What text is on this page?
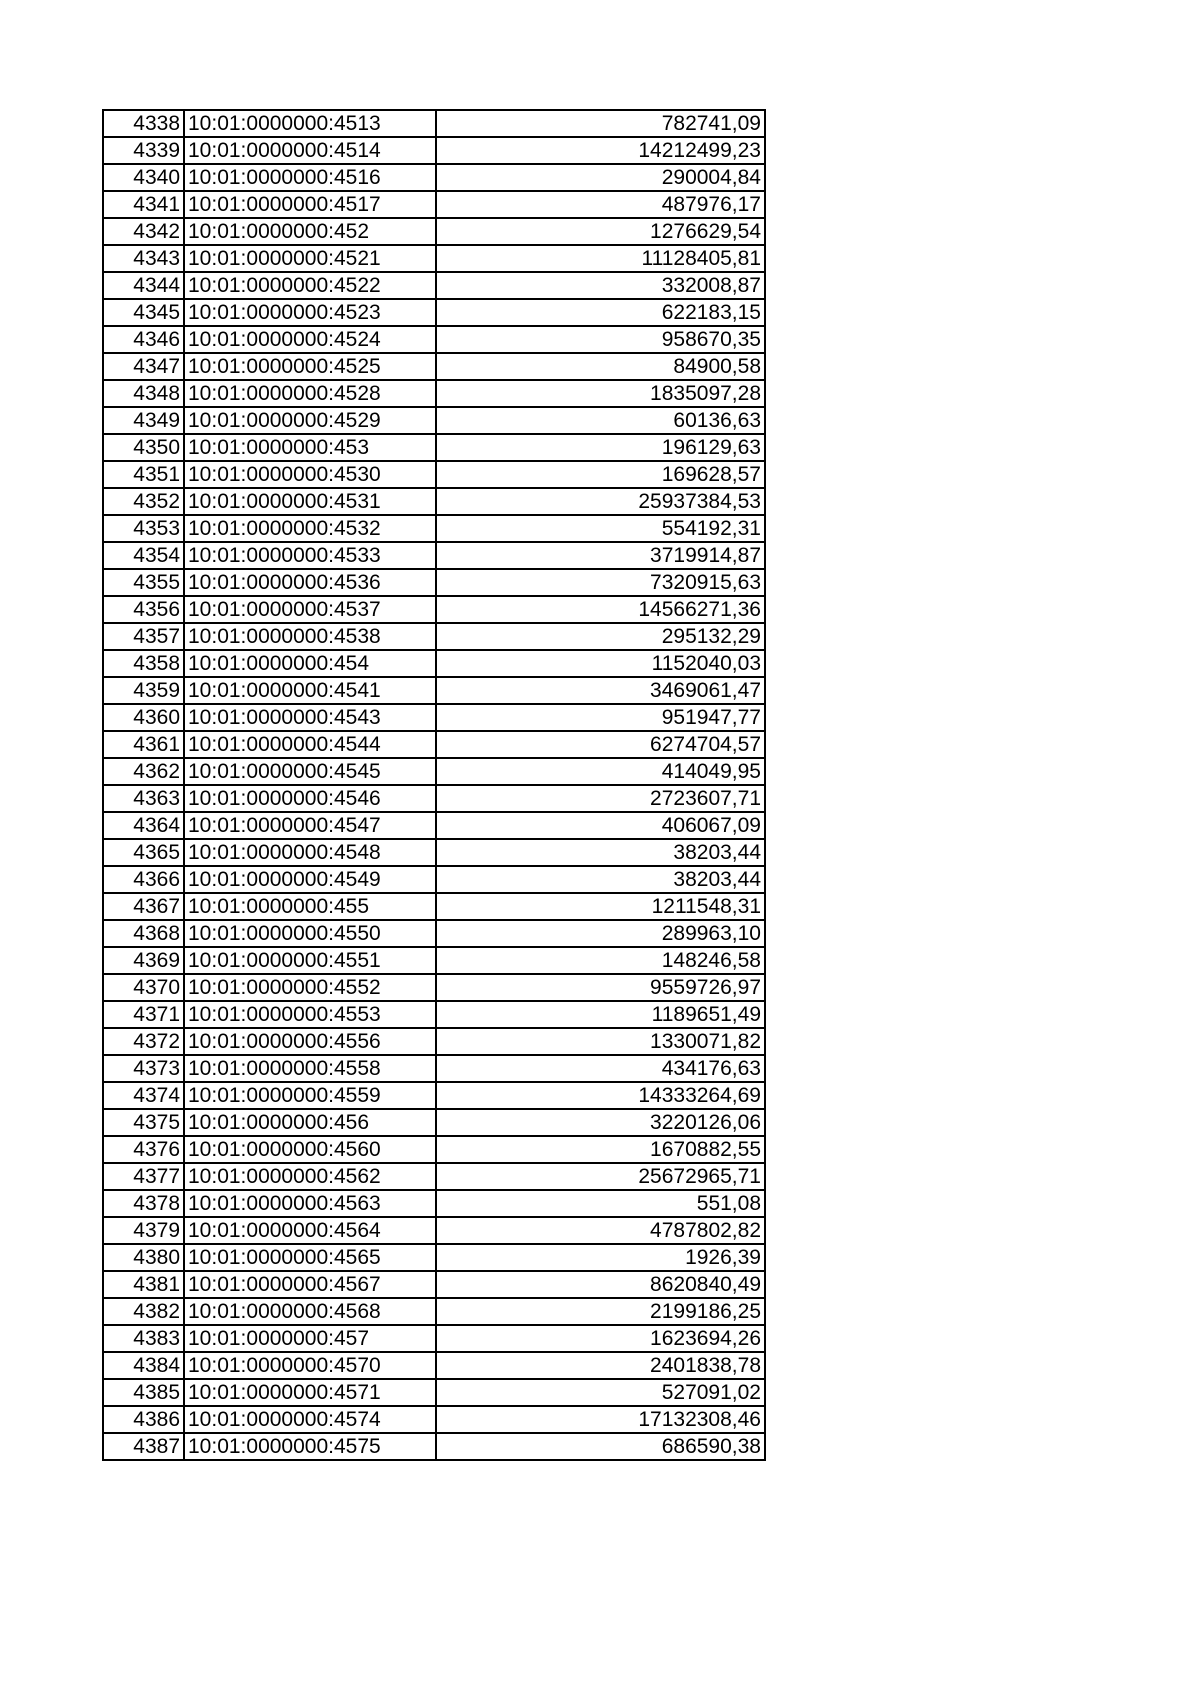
4338	10:01:0000000:4513	782741,09
4339	10:01:0000000:4514	14212499,23
4340	10:01:0000000:4516	290004,84
4341	10:01:0000000:4517	487976,17
4342	10:01:0000000:452	1276629,54
4343	10:01:0000000:4521	11128405,81
4344	10:01:0000000:4522	332008,87
4345	10:01:0000000:4523	622183,15
4346	10:01:0000000:4524	958670,35
4347	10:01:0000000:4525	84900,58
4348	10:01:0000000:4528	1835097,28
4349	10:01:0000000:4529	60136,63
4350	10:01:0000000:453	196129,63
4351	10:01:0000000:4530	169628,57
4352	10:01:0000000:4531	25937384,53
4353	10:01:0000000:4532	554192,31
4354	10:01:0000000:4533	3719914,87
4355	10:01:0000000:4536	7320915,63
4356	10:01:0000000:4537	14566271,36
4357	10:01:0000000:4538	295132,29
4358	10:01:0000000:454	1152040,03
4359	10:01:0000000:4541	3469061,47
4360	10:01:0000000:4543	951947,77
4361	10:01:0000000:4544	6274704,57
4362	10:01:0000000:4545	414049,95
4363	10:01:0000000:4546	2723607,71
4364	10:01:0000000:4547	406067,09
4365	10:01:0000000:4548	38203,44
4366	10:01:0000000:4549	38203,44
4367	10:01:0000000:455	1211548,31
4368	10:01:0000000:4550	289963,10
4369	10:01:0000000:4551	148246,58
4370	10:01:0000000:4552	9559726,97
4371	10:01:0000000:4553	1189651,49
4372	10:01:0000000:4556	1330071,82
4373	10:01:0000000:4558	434176,63
4374	10:01:0000000:4559	14333264,69
4375	10:01:0000000:456	3220126,06
4376	10:01:0000000:4560	1670882,55
4377	10:01:0000000:4562	25672965,71
4378	10:01:0000000:4563	551,08
4379	10:01:0000000:4564	4787802,82
4380	10:01:0000000:4565	1926,39
4381	10:01:0000000:4567	8620840,49
4382	10:01:0000000:4568	2199186,25
4383	10:01:0000000:457	1623694,26
4384	10:01:0000000:4570	2401838,78
4385	10:01:0000000:4571	527091,02
4386	10:01:0000000:4574	17132308,46
4387	10:01:0000000:4575	686590,38
